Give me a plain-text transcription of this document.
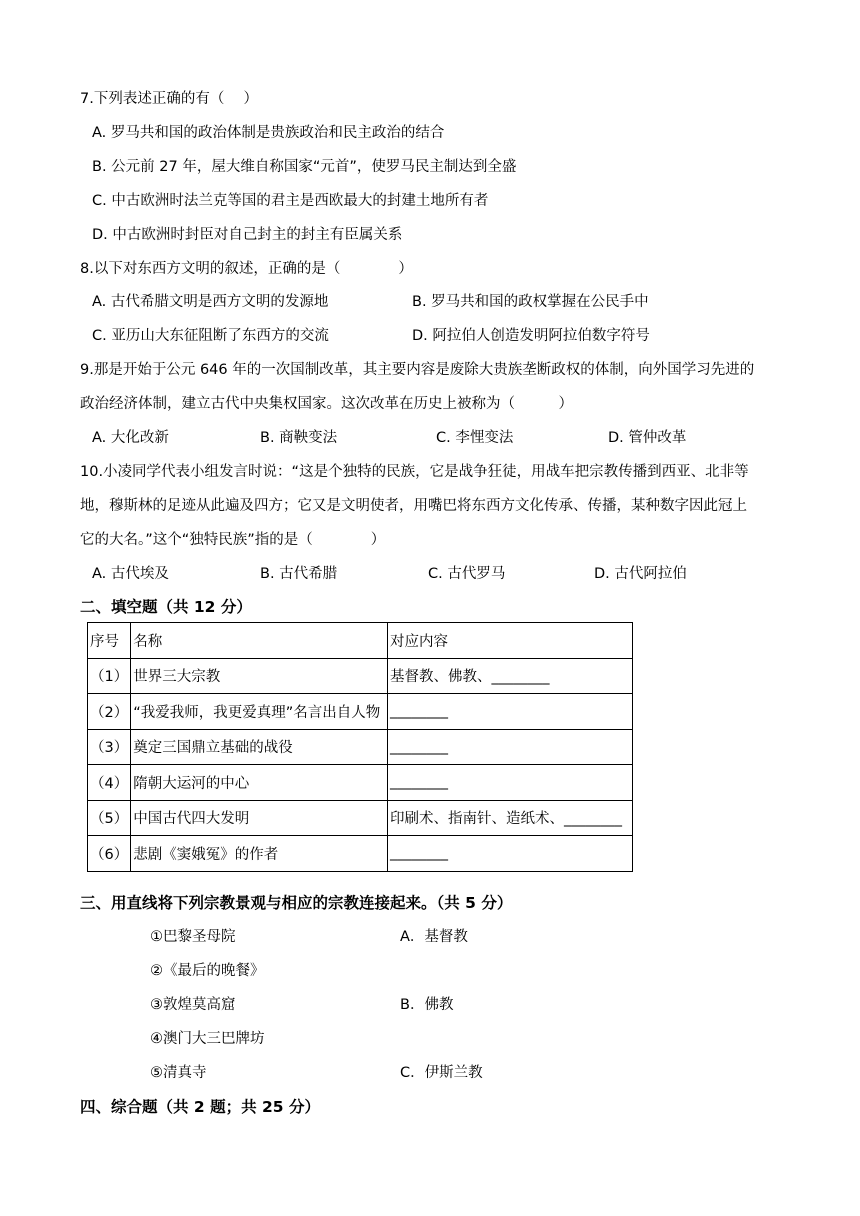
7.下列表述正确的有（　 ）
A. 罗马共和国的政治体制是贵族政治和民主政治的结合
B. 公元前 27 年，屋大维自称国家“元首”，使罗马民主制达到全盛
C. 中古欧洲时法兰克等国的君主是西欧最大的封建土地所有者
D. 中古欧洲时封臣对自己封主的封主有臣属关系
8.以下对东西方文明的叙述，正确的是（　　　　）
A. 古代希腊文明是西方文明的发源地	B. 罗马共和国的政权掌握在公民手中
C. 亚历山大东征阻断了东西方的交流	D. 阿拉伯人创造发明阿拉伯数字符号
9.那是开始于公元 646 年的一次国制改革，其主要内容是废除大贵族垄断政权的体制，向外国学习先进的
政治经济体制，建立古代中央集权国家。这次改革在历史上被称为（　　　）
A. 大化改新	B. 商鞅变法	C. 李悝变法	D. 管仲改革
10.小凌同学代表小组发言时说：“这是个独特的民族，它是战争狂徒，用战车把宗教传播到西亚、北非等
地，穆斯林的足迹从此遍及四方；它又是文明使者，用嘴巴将东西方文化传承、传播，某种数字因此冠上
它的大名。”这个“独特民族”指的是（　　　　）
A. 古代埃及	B. 古代希腊	C. 古代罗马	D. 古代阿拉伯
二、填空题（共 12 分）
序号	名称	对应内容
（1）	世界三大宗教	基督教、佛教、________
（2）	“我爱我师，我更爱真理”名言出自人物	________
（3）	奠定三国鼎立基础的战役	________
（4）	隋朝大运河的中心	________
（5）	中国古代四大发明	印刷术、指南针、造纸术、________
（6）	悲剧《窦娥冤》的作者	________
三、用直线将下列宗教景观与相应的宗教连接起来。（共 5 分）
①巴黎圣母院
②《最后的晚餐》
③敦煌莫高窟
④澳门大三巴牌坊
⑤清真寺
A．基督教
B．佛教
C．伊斯兰教
四、综合题（共 2 题；共 25 分）
